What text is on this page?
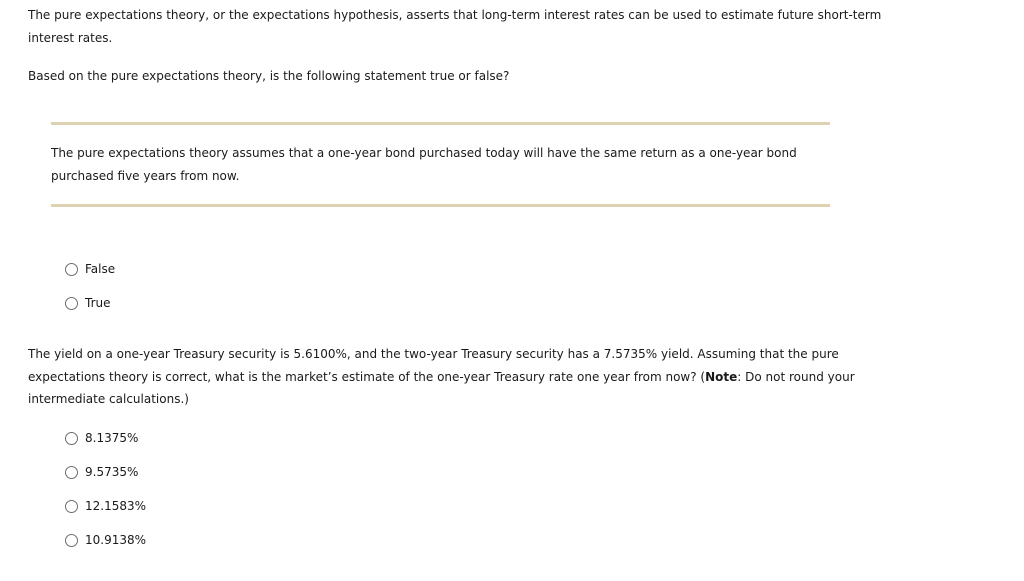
The pure expectations theory, or the expectations hypothesis, asserts that long-term interest rates can be used to estimate future short-term interest rates.

Based on the pure expectations theory, is the following statement true or false?

The pure expectations theory assumes that a one-year bond purchased today will have the same return as a one-year bond purchased five years from now.

False
True

The yield on a one-year Treasury security is 5.6100%, and the two-year Treasury security has a 7.5735% yield. Assuming that the pure expectations theory is correct, what is the market’s estimate of the one-year Treasury rate one year from now? (Note: Do not round your intermediate calculations.)

8.1375%
9.5735%
12.1583%
10.9138%
